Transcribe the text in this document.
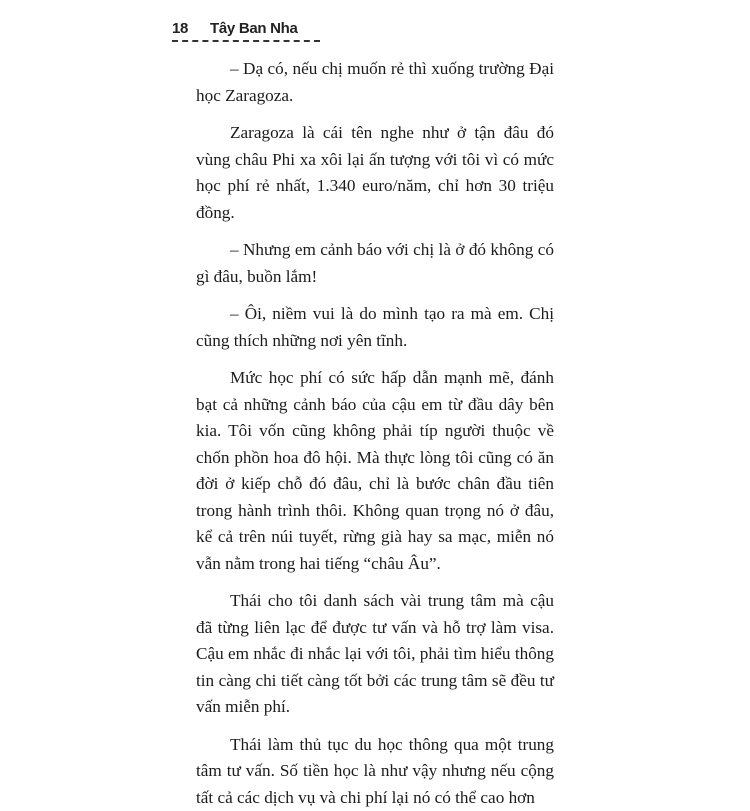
18 Tây Ban Nha

– Dạ có, nếu chị muốn rẻ thì xuống trường Đại học Zaragoza.

Zaragoza là cái tên nghe như ở tận đâu đó vùng châu Phi xa xôi lại ấn tượng với tôi vì có mức học phí rẻ nhất, 1.340 euro/năm, chỉ hơn 30 triệu đồng.

– Nhưng em cảnh báo với chị là ở đó không có gì đâu, buồn lắm!

– Ôi, niềm vui là do mình tạo ra mà em. Chị cũng thích những nơi yên tĩnh.

Mức học phí có sức hấp dẫn mạnh mẽ, đánh bạt cả những cảnh báo của cậu em từ đầu dây bên kia. Tôi vốn cũng không phải típ người thuộc về chốn phồn hoa đô hội. Mà thực lòng tôi cũng có ăn đời ở kiếp chỗ đó đâu, chỉ là bước chân đầu tiên trong hành trình thôi. Không quan trọng nó ở đâu, kể cả trên núi tuyết, rừng già hay sa mạc, miễn nó vẫn nằm trong hai tiếng “châu Âu”.

Thái cho tôi danh sách vài trung tâm mà cậu đã từng liên lạc để được tư vấn và hỗ trợ làm visa. Cậu em nhắc đi nhắc lại với tôi, phải tìm hiểu thông tin càng chi tiết càng tốt bởi các trung tâm sẽ đều tư vấn miễn phí.

Thái làm thủ tục du học thông qua một trung tâm tư vấn. Số tiền học là như vậy nhưng nếu cộng tất cả các dịch vụ và chi phí lại nó có thể cao hơn
